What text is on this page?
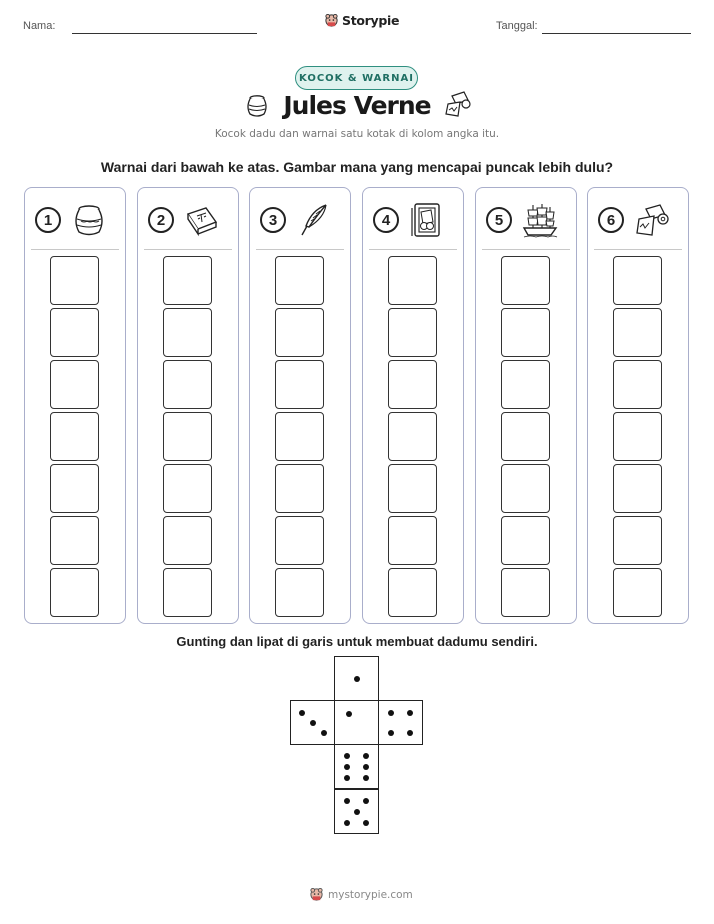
Nama:	Storypie	Tanggal:
KOCOK & WARNAI
Jules Verne
Kocok dadu dan warnai satu kotak di kolom angka itu.
Warnai dari bawah ke atas. Gambar mana yang mencapai puncak lebih dulu?
1	2	3	4	5	6
Gunting dan lipat di garis untuk membuat dadumu sendiri.
mystorypie.com
